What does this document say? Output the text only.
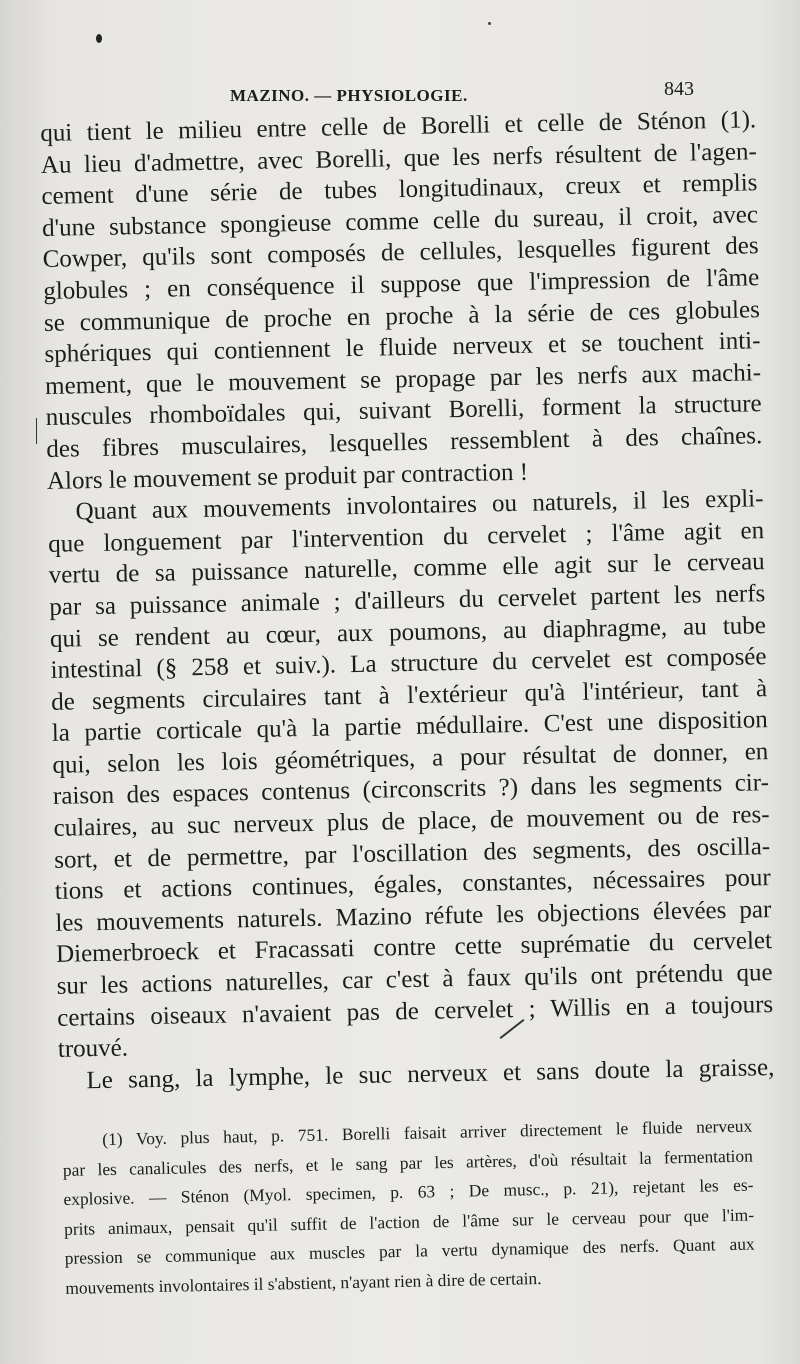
MAZINO. — PHYSIOLOGIE.	843
qui tient le milieu entre celle de Borelli et celle de Sténon (1).
Au lieu d'admettre, avec Borelli, que les nerfs résultent de l'agen-
cement d'une série de tubes longitudinaux, creux et remplis
d'une substance spongieuse comme celle du sureau, il croit, avec
Cowper, qu'ils sont composés de cellules, lesquelles figurent des
globules ; en conséquence il suppose que l'impression de l'âme
se communique de proche en proche à la série de ces globules
sphériques qui contiennent le fluide nerveux et se touchent inti-
mement, que le mouvement se propage par les nerfs aux machi-
nuscules rhomboïdales qui, suivant Borelli, forment la structure
des fibres musculaires, lesquelles ressemblent à des chaînes.
Alors le mouvement se produit par contraction !
Quant aux mouvements involontaires ou naturels, il les expli-
que longuement par l'intervention du cervelet ; l'âme agit en
vertu de sa puissance naturelle, comme elle agit sur le cerveau
par sa puissance animale ; d'ailleurs du cervelet partent les nerfs
qui se rendent au cœur, aux poumons, au diaphragme, au tube
intestinal (§ 258 et suiv.). La structure du cervelet est composée
de segments circulaires tant à l'extérieur qu'à l'intérieur, tant à
la partie corticale qu'à la partie médullaire. C'est une disposition
qui, selon les lois géométriques, a pour résultat de donner, en
raison des espaces contenus (circonscrits ?) dans les segments cir-
culaires, au suc nerveux plus de place, de mouvement ou de res-
sort, et de permettre, par l'oscillation des segments, des oscilla-
tions et actions continues, égales, constantes, nécessaires pour
les mouvements naturels. Mazino réfute les objections élevées par
Diemerbroeck et Fracassati contre cette suprématie du cervelet
sur les actions naturelles, car c'est à faux qu'ils ont prétendu que
certains oiseaux n'avaient pas de cervelet ; Willis en a toujours
trouvé.
Le sang, la lymphe, le suc nerveux et sans doute la graisse,
(1) Voy. plus haut, p. 751. Borelli faisait arriver directement le fluide nerveux
par les canalicules des nerfs, et le sang par les artères, d'où résultait la fermentation
explosive. — Sténon (Myol. specimen, p. 63 ; De musc., p. 21), rejetant les es-
prits animaux, pensait qu'il suffit de l'action de l'âme sur le cerveau pour que l'im-
pression se communique aux muscles par la vertu dynamique des nerfs. Quant aux
mouvements involontaires il s'abstient, n'ayant rien à dire de certain.
